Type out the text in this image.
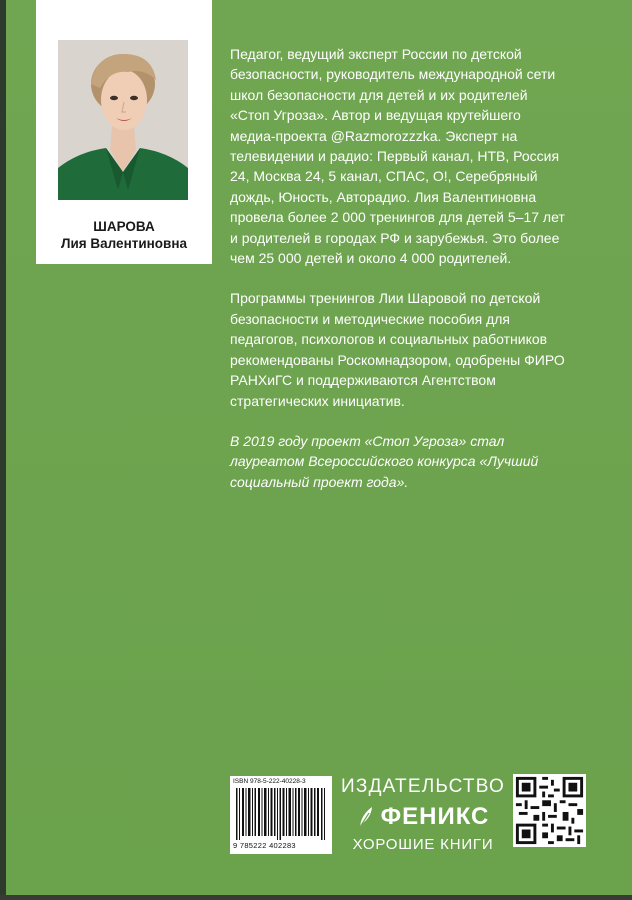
ШАРОВА
Лия Валентиновна

Педагог, ведущий эксперт России по детской безопасности, руководитель международной сети школ безопасности для детей и их родителей «Стоп Угроза». Автор и ведущая крутейшего медиа-проекта @Razmorozzzka. Эксперт на телевидении и радио: Первый канал, НТВ, Россия 24, Москва 24, 5 канал, СПАС, О!, Серебряный дождь, Юность, Авторадио. Лия Валентиновна провела более 2 000 тренингов для детей 5–17 лет и родителей в городах РФ и зарубежья. Это более чем 25 000 детей и около 4 000 родителей.

Программы тренингов Лии Шаровой по детской безопасности и методические пособия для педагогов, психологов и социальных работников рекомендованы Роскомнадзором, одобрены ФИРО РАНХиГС и поддерживаются Агентством стратегических инициатив.

В 2019 году проект «Стоп Угроза» стал лауреатом Всероссийского конкурса «Лучший социальный проект года».

ISBN 978-5-222-40228-3
9 785222 402283
ИЗДАТЕЛЬСТВО
ФЕНИКС
ХОРОШИЕ КНИГИ
